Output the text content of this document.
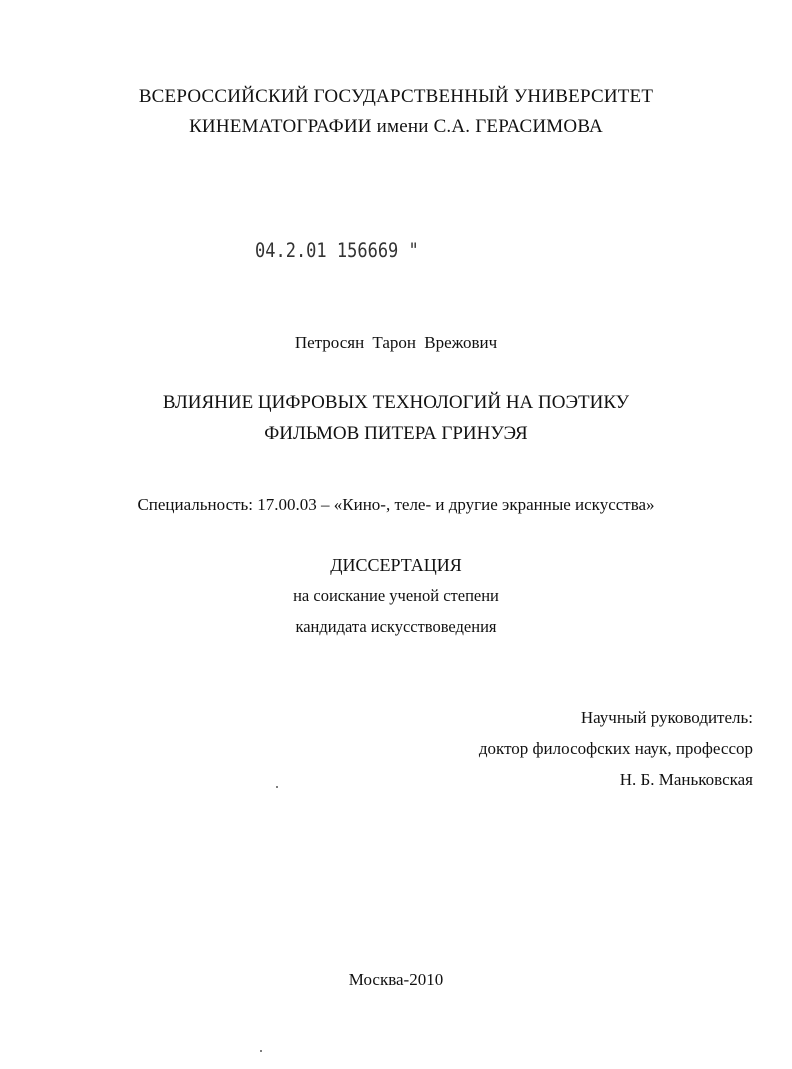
ВСЕРОССИЙСКИЙ ГОСУДАРСТВЕННЫЙ УНИВЕРСИТЕТ
КИНЕМАТОГРАФИИ имени С.А. ГЕРАСИМОВА
04.2.01 156669 "
Петросян Тарон Врежович
ВЛИЯНИЕ ЦИФРОВЫХ ТЕХНОЛОГИЙ НА ПОЭТИКУ
ФИЛЬМОВ ПИТЕРА ГРИНУЭЯ
Специальность: 17.00.03 – «Кино-, теле- и другие экранные искусства»
ДИССЕРТАЦИЯ
на соискание ученой степени
кандидата искусствоведения
Научный руководитель:
доктор философских наук, профессор
Н. Б. Маньковская
Москва-2010
